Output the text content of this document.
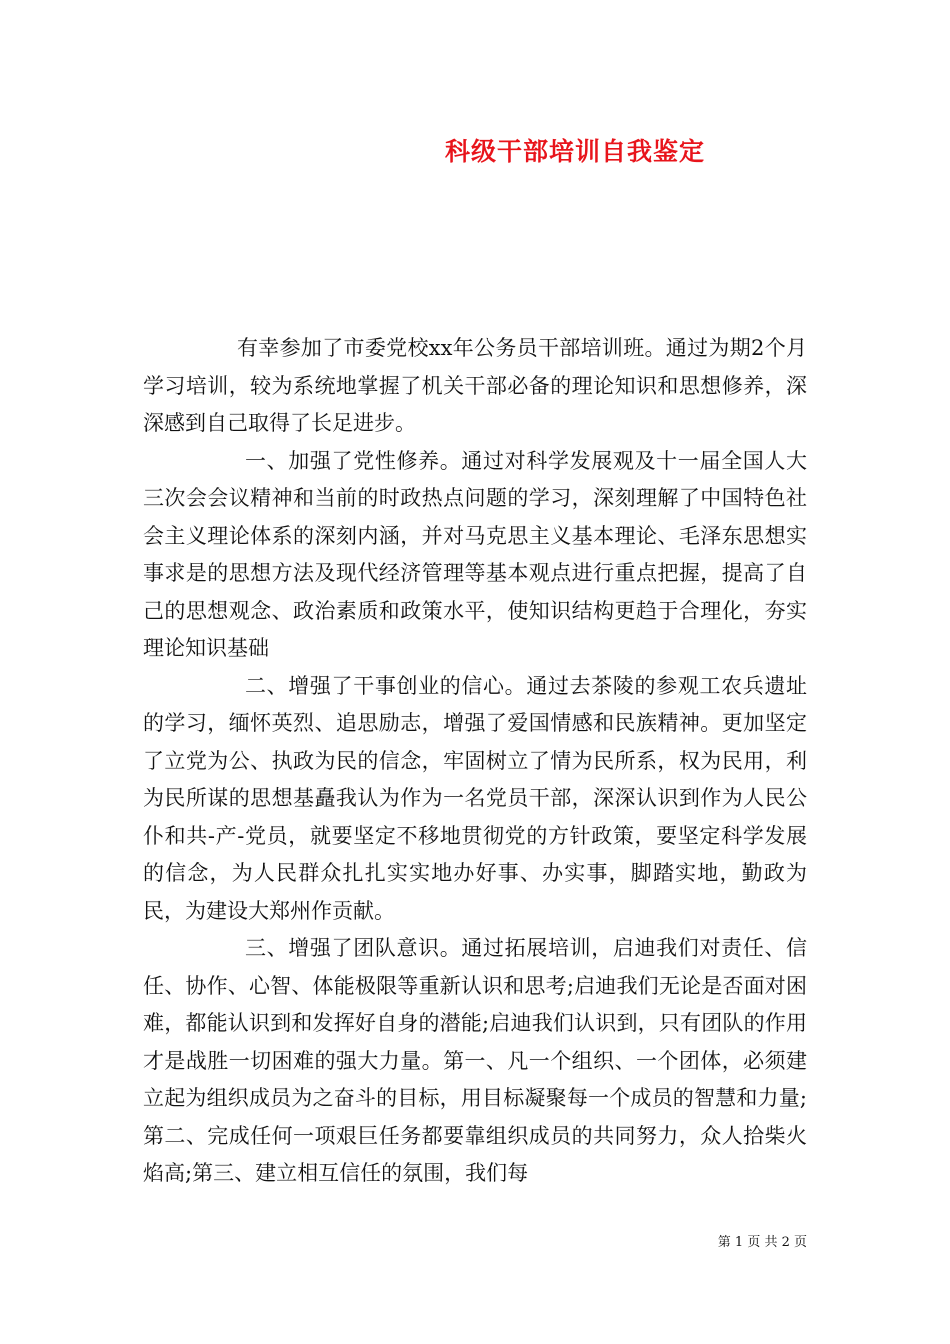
科级干部培训自我鉴定

有幸参加了市委党校xx年公务员干部培训班。通过为期2个月学习培训，较为系统地掌握了机关干部必备的理论知识和思想修养，深深感到自己取得了长足进步。

一、加强了党性修养。通过对科学发展观及十一届全国人大三次会会议精神和当前的时政热点问题的学习，深刻理解了中国特色社会主义理论体系的深刻内涵，并对马克思主义基本理论、毛泽东思想实事求是的思想方法及现代经济管理等基本观点进行重点把握，提高了自己的思想观念、政治素质和政策水平，使知识结构更趋于合理化，夯实理论知识基础

二、增强了干事创业的信心。通过去茶陵的参观工农兵遗址的学习，缅怀英烈、追思励志，增强了爱国情感和民族精神。更加坚定了立党为公、执政为民的信念，牢固树立了情为民所系，权为民用，利为民所谋的思想基矗我认为作为一名党员干部，深深认识到作为人民公仆和共-产-党员，就要坚定不移地贯彻党的方针政策，要坚定科学发展的信念，为人民群众扎扎实实地办好事、办实事，脚踏实地，勤政为民，为建设大郑州作贡献。

三、增强了团队意识。通过拓展培训，启迪我们对责任、信任、协作、心智、体能极限等重新认识和思考;启迪我们无论是否面对困难，都能认识到和发挥好自身的潜能;启迪我们认识到，只有团队的作用才是战胜一切困难的强大力量。第一、凡一个组织、一个团体，必须建立起为组织成员为之奋斗的目标，用目标凝聚每一个成员的智慧和力量;第二、完成任何一项艰巨任务都要靠组织成员的共同努力，众人拾柴火焰高;第三、建立相互信任的氛围，我们每

第 1 页 共 2 页
